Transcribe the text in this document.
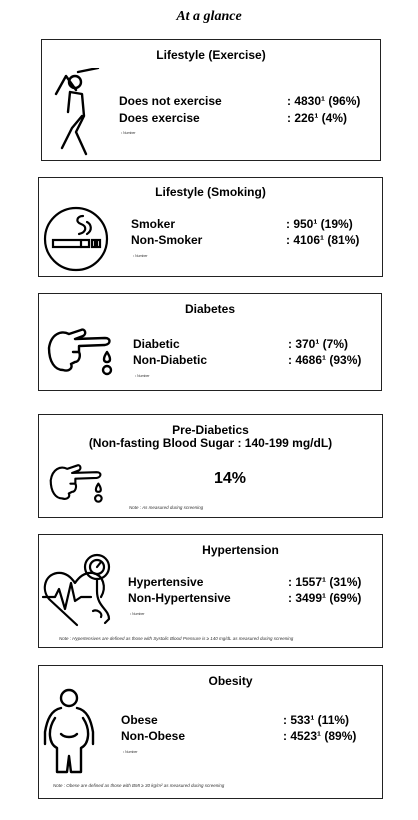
At a glance
Lifestyle (Exercise)
Does not exercise	: 4830¹ (96%)
Does exercise	: 226¹ (4%)
¹ Number
Lifestyle (Smoking)
Smoker	: 950¹ (19%)
Non-Smoker	: 4106¹ (81%)
¹ Number
Diabetes
Diabetic	: 370¹ (7%)
Non-Diabetic	: 4686¹ (93%)
¹ Number
Pre-Diabetics
(Non-fasting Blood Sugar : 140-199 mg/dL)
14%
Note : As measured during screening
Hypertension
Hypertensive	: 1557¹ (31%)
Non-Hypertensive	: 3499¹ (69%)
¹ Number
Note : Hypertensives are defined as those with Systolic Blood Pressure is ≥ 140 mg/dL as measured during screening
Obesity
Obese	: 533¹ (11%)
Non-Obese	: 4523¹ (89%)
¹ Number
Note : Obese are defined as those with BMI ≥ 30 kg/m² as measured during screening
